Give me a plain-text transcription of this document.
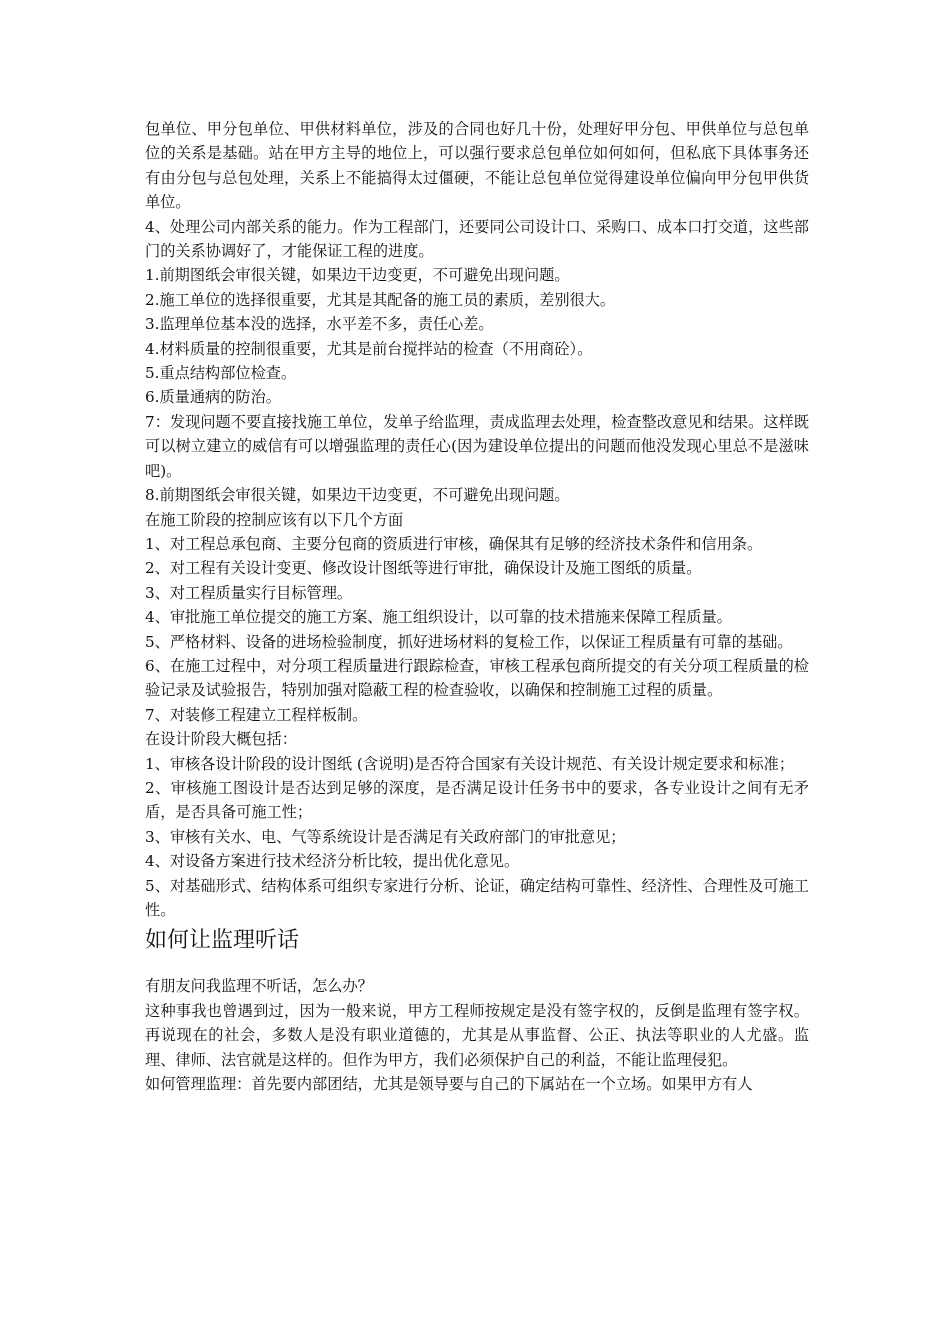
包单位、甲分包单位、甲供材料单位，涉及的合同也好几十份，处理好甲分包、甲供单位与总包单位的关系是基础。站在甲方主导的地位上，可以强行要求总包单位如何如何，但私底下具体事务还有由分包与总包处理，关系上不能搞得太过僵硬，不能让总包单位觉得建设单位偏向甲分包甲供货单位。

4、处理公司内部关系的能力。作为工程部门，还要同公司设计口、采购口、成本口打交道，这些部门的关系协调好了，才能保证工程的进度。

1.前期图纸会审很关键，如果边干边变更，不可避免出现问题。

2.施工单位的选择很重要，尤其是其配备的施工员的素质，差别很大。

3.监理单位基本没的选择，水平差不多，责任心差。

4.材料质量的控制很重要，尤其是前台搅拌站的检查（不用商砼）。

5.重点结构部位检查。

6.质量通病的防治。

7：发现问题不要直接找施工单位，发单子给监理，责成监理去处理，检查整改意见和结果。这样既可以树立建立的威信有可以增强监理的责任心(因为建设单位提出的问题而他没发现心里总不是滋味吧)。

8.前期图纸会审很关键，如果边干边变更，不可避免出现问题。

在施工阶段的控制应该有以下几个方面

1、对工程总承包商、主要分包商的资质进行审核，确保其有足够的经济技术条件和信用条。

2、对工程有关设计变更、修改设计图纸等进行审批，确保设计及施工图纸的质量。

3、对工程质量实行目标管理。

4、审批施工单位提交的施工方案、施工组织设计，以可靠的技术措施来保障工程质量。

5、严格材料、设备的进场检验制度，抓好进场材料的复检工作，以保证工程质量有可靠的基础。

6、在施工过程中，对分项工程质量进行跟踪检查，审核工程承包商所提交的有关分项工程质量的检验记录及试验报告，特别加强对隐蔽工程的检查验收，以确保和控制施工过程的质量。

7、对装修工程建立工程样板制。

在设计阶段大概包括：

1、审核各设计阶段的设计图纸 (含说明)是否符合国家有关设计规范、有关设计规定要求和标准；

2、审核施工图设计是否达到足够的深度，是否满足设计任务书中的要求，各专业设计之间有无矛盾，是否具备可施工性；

3、审核有关水、电、气等系统设计是否满足有关政府部门的审批意见；

4、对设备方案进行技术经济分析比较，提出优化意见。

5、对基础形式、结构体系可组织专家进行分析、论证，确定结构可靠性、经济性、合理性及可施工性。

如何让监理听话

有朋友问我监理不听话，怎么办？

这种事我也曾遇到过，因为一般来说，甲方工程师按规定是没有签字权的，反倒是监理有签字权。再说现在的社会，多数人是没有职业道德的，尤其是从事监督、公正、执法等职业的人尤盛。监理、律师、法官就是这样的。但作为甲方，我们必须保护自己的利益，不能让监理侵犯。

如何管理监理：首先要内部团结，尤其是领导要与自己的下属站在一个立场。如果甲方有人
